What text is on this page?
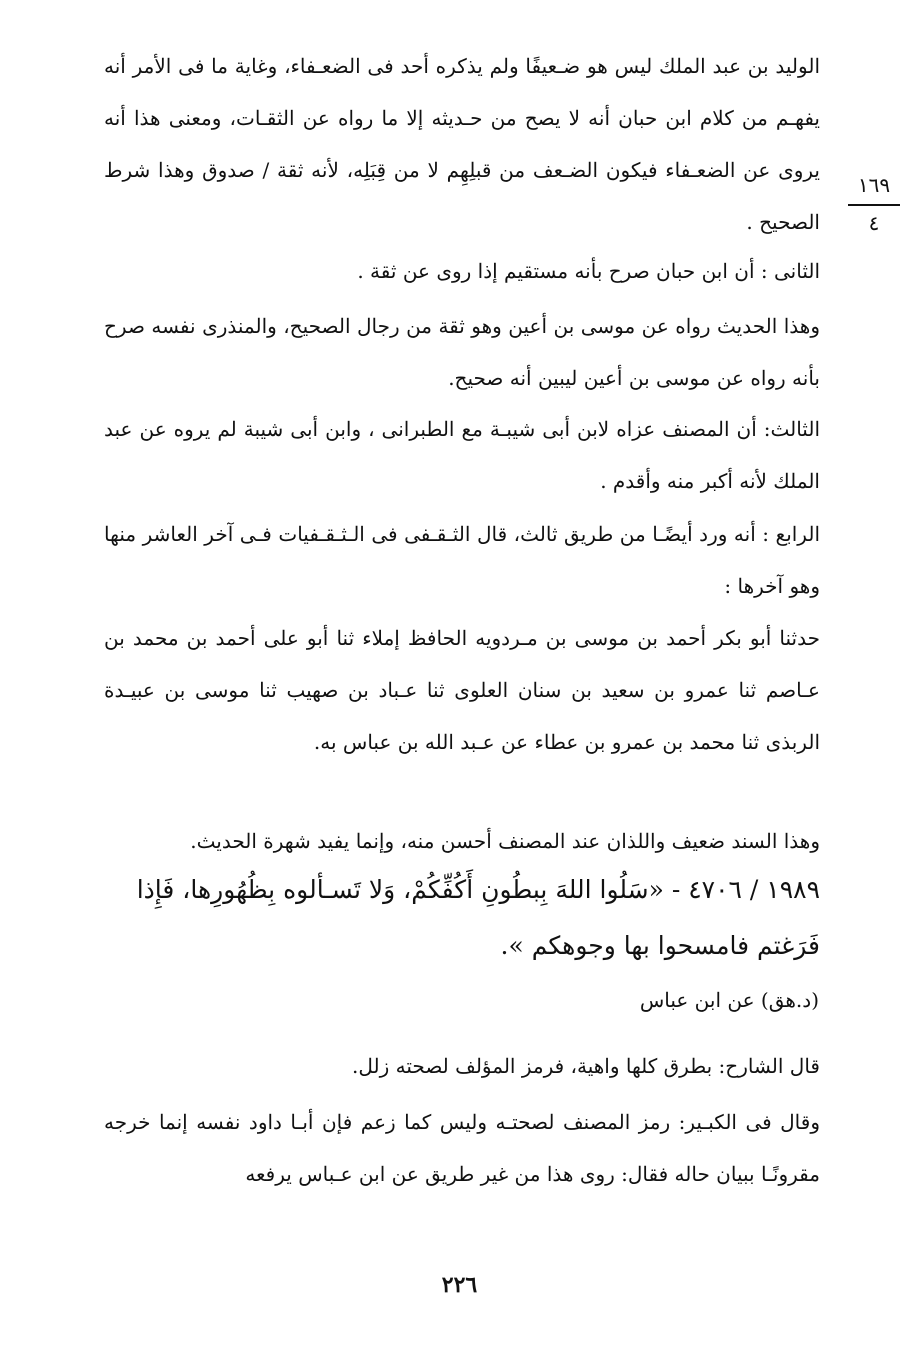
١٦٩
٤
الوليد بن عبد الملك ليس هو ضـعيفًا ولم يذكره أحد فى الضعـفاء، وغاية ما فى الأمر أنه يفهـم من كلام ابن حبان أنه لا يصح من حـديثه إلا ما رواه عن الثقـات، ومعنى هذا أنه يروى عن الضعـفاء فيكون الضـعف من قبلِهِم لا من قِبَلِه، لأنه ثقة / صدوق وهذا شرط الصحيح .
الثانى : أن ابن حبان صرح بأنه مستقيم إذا روى عن ثقة .
وهذا الحديث رواه عن موسى بن أعين وهو ثقة من رجال الصحيح، والمنذرى نفسه صرح بأنه رواه عن موسى بن أعين ليبين أنه صحيح.
الثالث: أن المصنف عزاه لابن أبى شيبـة مع الطبرانى ، وابن أبى شيبة لم يروه عن عبد الملك لأنه أكبر منه وأقدم .
الرابع : أنه ورد أيضًـا من طريق ثالث، قال الثـقـفى فى الـثـقـفيات فـى آخر العاشر منها وهو آخرها :
حدثنا أبو بكر أحمد بن موسى بن مـردويه الحافظ إملاء ثنا أبو على أحمد بن محمد بن عـاصم ثنا عمرو بن سعيد بن سنان العلوى ثنا عـباد بن صهيب ثنا موسى بن عبيـدة الربذى ثنا محمد بن عمرو بن عطاء عن عـبد الله بن عباس به.
وهذا السند ضعيف واللذان عند المصنف أحسن منه، وإنما يفيد شهرة الحديث.
١٩٨٩ / ٤٧٠٦ - «سَلُوا اللهَ بِبطُونِ أَكُفِّكُمْ، وَلا تَسـألوه بِظُهُورِها، فَإِذا فَرَغتم فامسحوا بها وجوهكم ».
(د.هق) عن ابن عباس
قال الشارح: بطرق كلها واهية، فرمز المؤلف لصحته زلل.
وقال فى الكبـير: رمز المصنف لصحتـه وليس كما زعم فإن أبـا داود نفسه إنما خرجه مقرونًـا ببيان حاله فقال: روى هذا من غير طريق عن ابن عـباس يرفعه
٢٢٦
